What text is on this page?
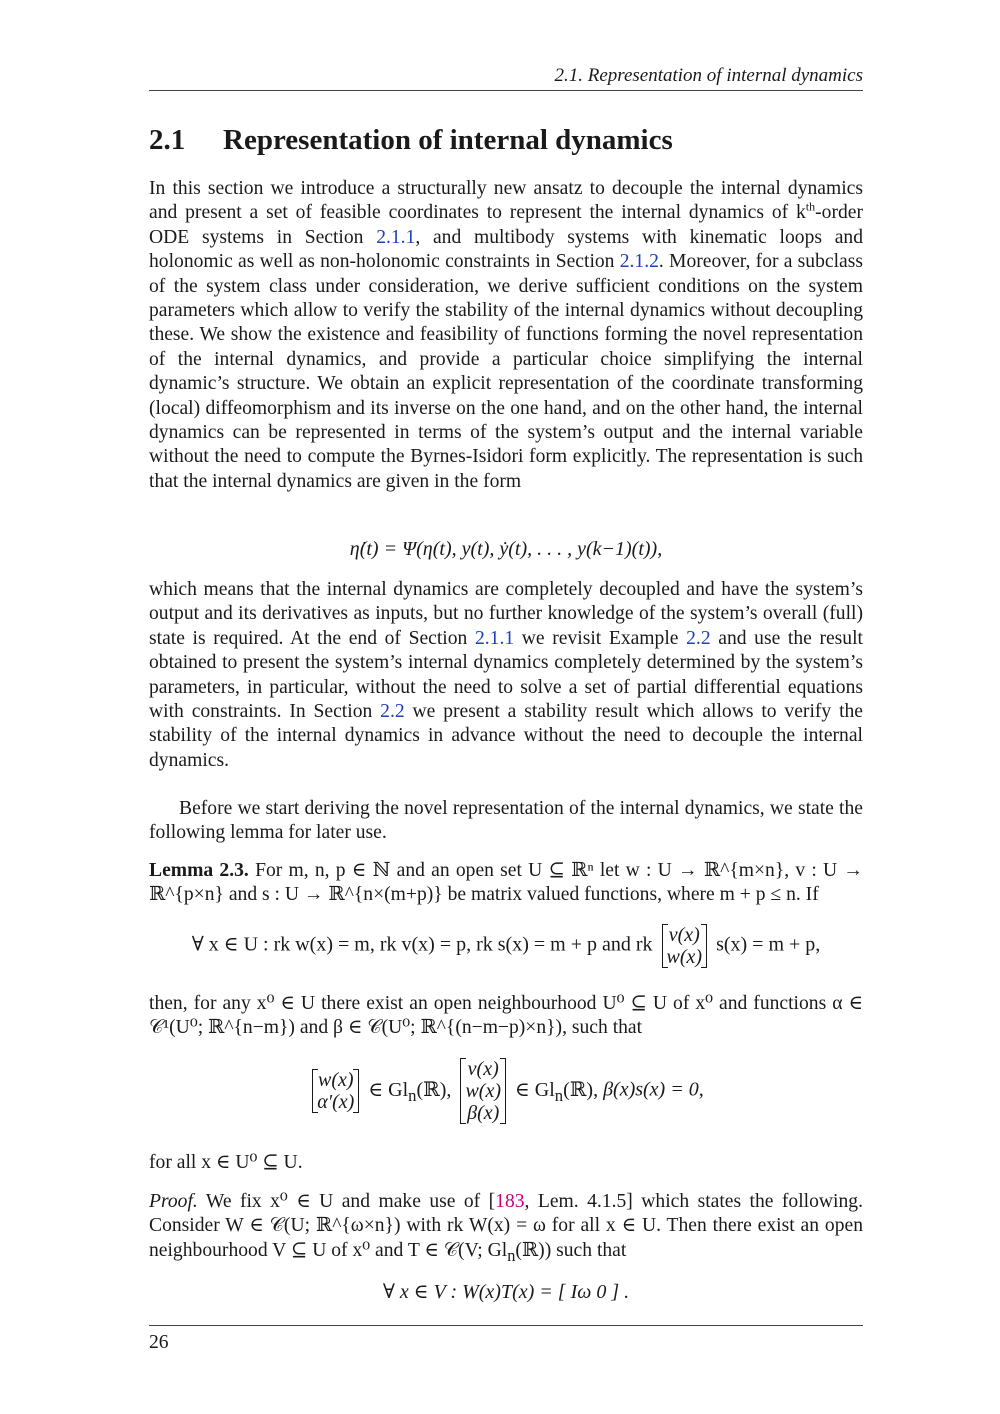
2.1. Representation of internal dynamics
2.1 Representation of internal dynamics

In this section we introduce a structurally new ansatz to decouple the internal dynamics and present a set of feasible coordinates to represent the internal dynamics of $k^{th}$-order ODE systems in Section 2.1.1, and multibody systems with kinematic loops and holonomic as well as non-holonomic constraints in Section 2.1.2. Moreover, for a subclass of the system class under consideration, we derive sufficient conditions on the system parameters which allow to verify the stability of the internal dynamics without decoupling these. We show the existence and feasibility of functions forming the novel representation of the internal dynamics, and provide a particular choice simplifying the internal dynamic’s structure. We obtain an explicit representation of the coordinate transforming (local) diffeomorphism and its inverse on the one hand, and on the other hand, the internal dynamics can be represented in terms of the system’s output and the internal variable without the need to compute the Byrnes-Isidori form explicitly. The representation is such that the internal dynamics are given in the form

η̇(t) = Ψ(η(t), y(t), ẏ(t), . . . , y(k−1)(t)),

which means that the internal dynamics are completely decoupled and have the system’s output and its derivatives as inputs, but no further knowledge of the system’s overall (full) state is required. At the end of Section 2.1.1 we revisit Example 2.2 and use the result obtained to present the system’s internal dynamics completely determined by the system’s parameters, in particular, without the need to solve a set of partial differential equations with constraints. In Section 2.2 we present a stability result which allows to verify the stability of the internal dynamics in advance without the need to decouple the internal dynamics.

Before we start deriving the novel representation of the internal dynamics, we state the following lemma for later use.

Lemma 2.3. For m, n, p ∈ ℕ and an open set U ⊆ ℝⁿ let w : U → ℝ^{m×n}, v : U → ℝ^{p×n} and s : U → ℝ^{n×(m+p)} be matrix valued functions, where m + p ≤ n. If

∀ x ∈ U : rk w(x) = m, rk v(x) = p, rk s(x) = m + p and rk v(x)
w(x)
s(x) = m + p,

then, for any x⁰ ∈ U there exist an open neighbourhood U⁰ ⊆ U of x⁰ and functions α ∈ 𝒞¹(U⁰; ℝ^{n−m}) and β ∈ 𝒞(U⁰; ℝ^{(n−m−p)×n}), such that

w(x)
α′(x)
∈ $Gl_n(ℝ)$,
v(x)
w(x)
β(x)
∈ $Gl_n(ℝ)$, β(x)s(x) = 0,

for all x ∈ U⁰ ⊆ U.

Proof. We fix x⁰ ∈ U and make use of [183, Lem. 4.1.5] which states the following. Consider W ∈ 𝒞(U; ℝ^{ω×n}) with rk W(x) = ω for all x ∈ U. Then there exist an open neighbourhood V ⊆ U of x⁰ and T ∈ 𝒞(V; $Gl_n(ℝ)$) such that

∀ x ∈ V : W(x)T(x) = [ Iω 0 ] .
26
